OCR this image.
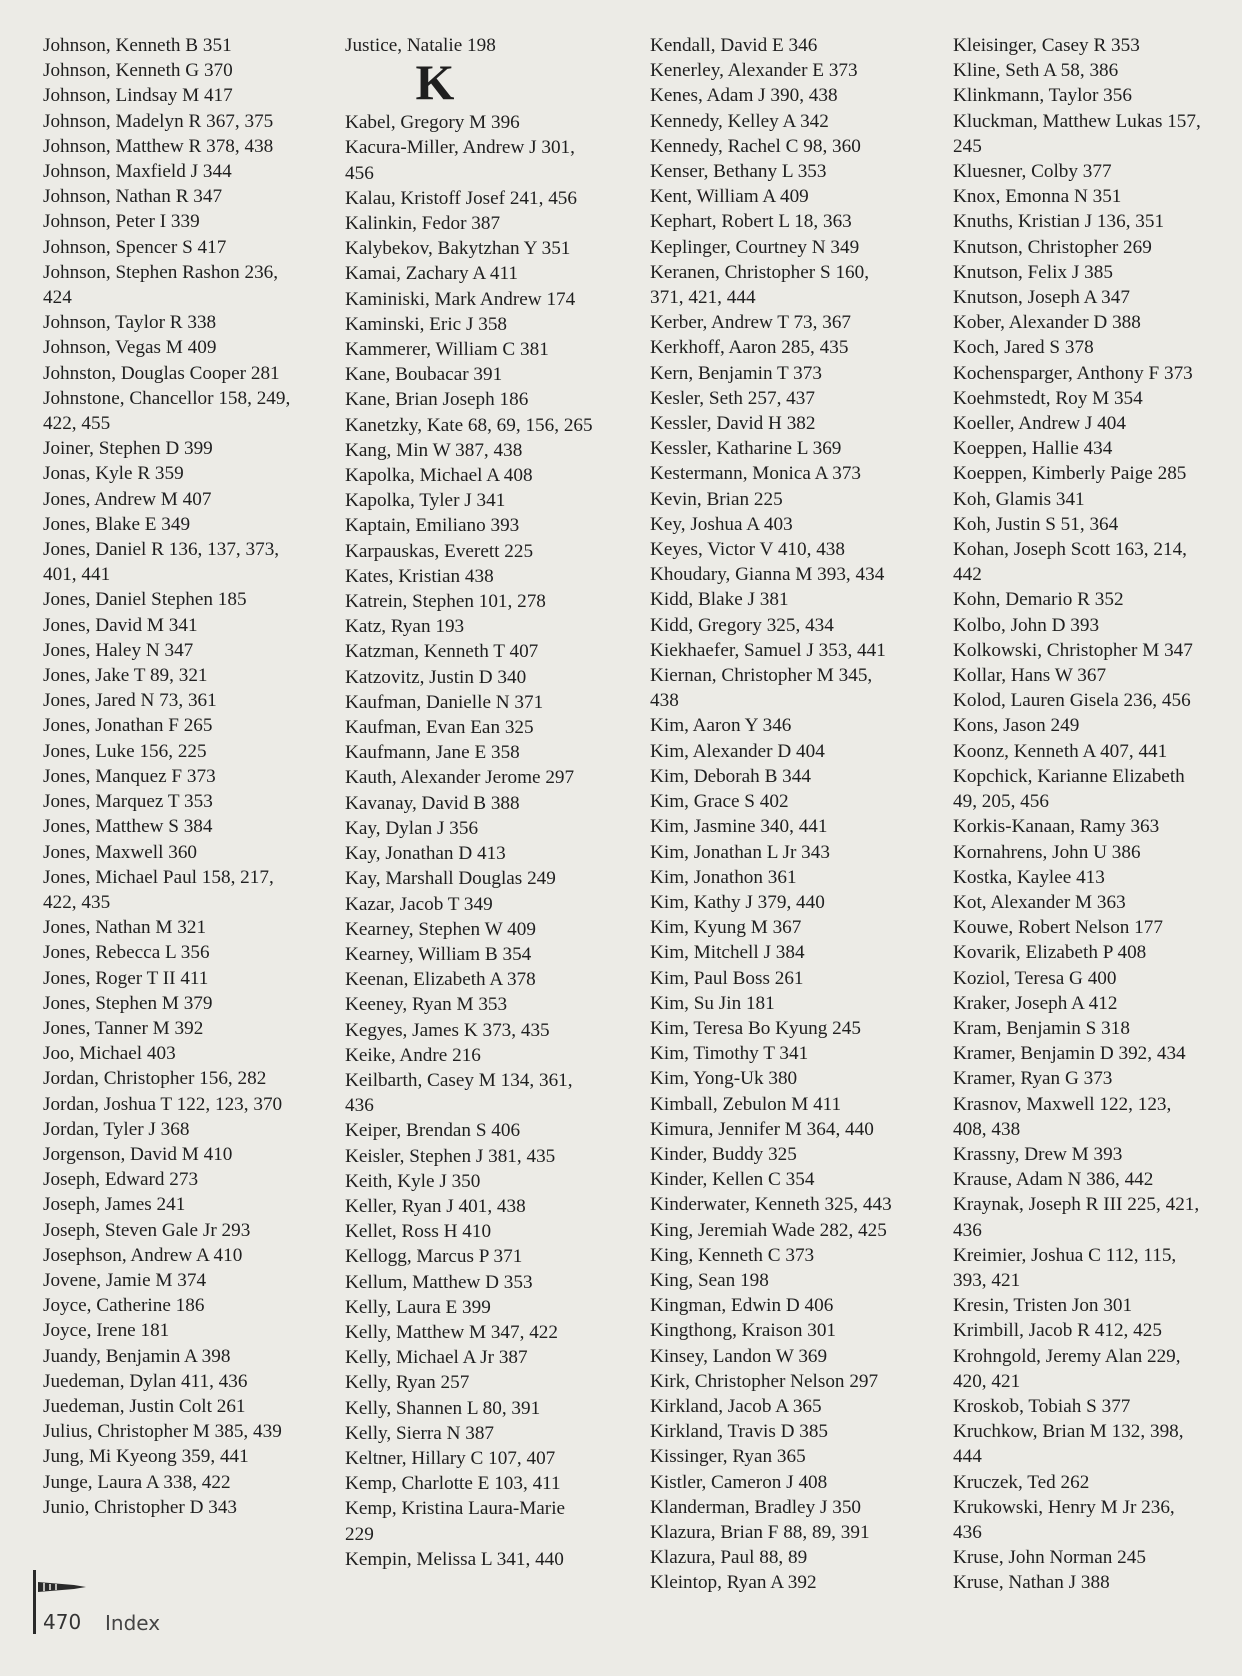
Johnson, Kenneth B 351
Johnson, Kenneth G 370
Johnson, Lindsay M 417
Johnson, Madelyn R 367, 375
Johnson, Matthew R 378, 438
Johnson, Maxfield J 344
Johnson, Nathan R 347
Johnson, Peter I 339
Johnson, Spencer S 417
Johnson, Stephen Rashon 236,
424
Johnson, Taylor R 338
Johnson, Vegas M 409
Johnston, Douglas Cooper 281
Johnstone, Chancellor 158, 249,
422, 455
Joiner, Stephen D 399
Jonas, Kyle R 359
Jones, Andrew M 407
Jones, Blake E 349
Jones, Daniel R 136, 137, 373,
401, 441
Jones, Daniel Stephen 185
Jones, David M 341
Jones, Haley N 347
Jones, Jake T 89, 321
Jones, Jared N 73, 361
Jones, Jonathan F 265
Jones, Luke 156, 225
Jones, Manquez F 373
Jones, Marquez T 353
Jones, Matthew S 384
Jones, Maxwell 360
Jones, Michael Paul 158, 217,
422, 435
Jones, Nathan M 321
Jones, Rebecca L 356
Jones, Roger T II 411
Jones, Stephen M 379
Jones, Tanner M 392
Joo, Michael 403
Jordan, Christopher 156, 282
Jordan, Joshua T 122, 123, 370
Jordan, Tyler J 368
Jorgenson, David M 410
Joseph, Edward 273
Joseph, James 241
Joseph, Steven Gale Jr 293
Josephson, Andrew A 410
Jovene, Jamie M 374
Joyce, Catherine 186
Joyce, Irene 181
Juandy, Benjamin A 398
Juedeman, Dylan 411, 436
Juedeman, Justin Colt 261
Julius, Christopher M 385, 439
Jung, Mi Kyeong 359, 441
Junge, Laura A 338, 422
Junio, Christopher D 343
Justice, Natalie 198
K
Kabel, Gregory M 396
Kacura-Miller, Andrew J 301,
456
Kalau, Kristoff Josef 241, 456
Kalinkin, Fedor 387
Kalybekov, Bakytzhan Y 351
Kamai, Zachary A 411
Kaminiski, Mark Andrew 174
Kaminski, Eric J 358
Kammerer, William C 381
Kane, Boubacar 391
Kane, Brian Joseph 186
Kanetzky, Kate 68, 69, 156, 265
Kang, Min W 387, 438
Kapolka, Michael A 408
Kapolka, Tyler J 341
Kaptain, Emiliano 393
Karpauskas, Everett 225
Kates, Kristian 438
Katrein, Stephen 101, 278
Katz, Ryan 193
Katzman, Kenneth T 407
Katzovitz, Justin D 340
Kaufman, Danielle N 371
Kaufman, Evan Ean 325
Kaufmann, Jane E 358
Kauth, Alexander Jerome 297
Kavanay, David B 388
Kay, Dylan J 356
Kay, Jonathan D 413
Kay, Marshall Douglas 249
Kazar, Jacob T 349
Kearney, Stephen W 409
Kearney, William B 354
Keenan, Elizabeth A 378
Keeney, Ryan M 353
Kegyes, James K 373, 435
Keike, Andre 216
Keilbarth, Casey M 134, 361,
436
Keiper, Brendan S 406
Keisler, Stephen J 381, 435
Keith, Kyle J 350
Keller, Ryan J 401, 438
Kellet, Ross H 410
Kellogg, Marcus P 371
Kellum, Matthew D 353
Kelly, Laura E 399
Kelly, Matthew M 347, 422
Kelly, Michael A Jr 387
Kelly, Ryan 257
Kelly, Shannen L 80, 391
Kelly, Sierra N 387
Keltner, Hillary C 107, 407
Kemp, Charlotte E 103, 411
Kemp, Kristina Laura-Marie
229
Kempin, Melissa L 341, 440
Kendall, David E 346
Kenerley, Alexander E 373
Kenes, Adam J 390, 438
Kennedy, Kelley A 342
Kennedy, Rachel C 98, 360
Kenser, Bethany L 353
Kent, William A 409
Kephart, Robert L 18, 363
Keplinger, Courtney N 349
Keranen, Christopher S 160,
371, 421, 444
Kerber, Andrew T 73, 367
Kerkhoff, Aaron 285, 435
Kern, Benjamin T 373
Kesler, Seth 257, 437
Kessler, David H 382
Kessler, Katharine L 369
Kestermann, Monica A 373
Kevin, Brian 225
Key, Joshua A 403
Keyes, Victor V 410, 438
Khoudary, Gianna M 393, 434
Kidd, Blake J 381
Kidd, Gregory 325, 434
Kiekhaefer, Samuel J 353, 441
Kiernan, Christopher M 345,
438
Kim, Aaron Y 346
Kim, Alexander D 404
Kim, Deborah B 344
Kim, Grace S 402
Kim, Jasmine 340, 441
Kim, Jonathan L Jr 343
Kim, Jonathon 361
Kim, Kathy J 379, 440
Kim, Kyung M 367
Kim, Mitchell J 384
Kim, Paul Boss 261
Kim, Su Jin 181
Kim, Teresa Bo Kyung 245
Kim, Timothy T 341
Kim, Yong-Uk 380
Kimball, Zebulon M 411
Kimura, Jennifer M 364, 440
Kinder, Buddy 325
Kinder, Kellen C 354
Kinderwater, Kenneth 325, 443
King, Jeremiah Wade 282, 425
King, Kenneth C 373
King, Sean 198
Kingman, Edwin D 406
Kingthong, Kraison 301
Kinsey, Landon W 369
Kirk, Christopher Nelson 297
Kirkland, Jacob A 365
Kirkland, Travis D 385
Kissinger, Ryan 365
Kistler, Cameron J 408
Klanderman, Bradley J 350
Klazura, Brian F 88, 89, 391
Klazura, Paul 88, 89
Kleintop, Ryan A 392
Kleisinger, Casey R 353
Kline, Seth A 58, 386
Klinkmann, Taylor 356
Kluckman, Matthew Lukas 157,
245
Kluesner, Colby 377
Knox, Emonna N 351
Knuths, Kristian J 136, 351
Knutson, Christopher 269
Knutson, Felix J 385
Knutson, Joseph A 347
Kober, Alexander D 388
Koch, Jared S 378
Kochensparger, Anthony F 373
Koehmstedt, Roy M 354
Koeller, Andrew J 404
Koeppen, Hallie 434
Koeppen, Kimberly Paige 285
Koh, Glamis 341
Koh, Justin S 51, 364
Kohan, Joseph Scott 163, 214,
442
Kohn, Demario R 352
Kolbo, John D 393
Kolkowski, Christopher M 347
Kollar, Hans W 367
Kolod, Lauren Gisela 236, 456
Kons, Jason 249
Koonz, Kenneth A 407, 441
Kopchick, Karianne Elizabeth
49, 205, 456
Korkis-Kanaan, Ramy 363
Kornahrens, John U 386
Kostka, Kaylee 413
Kot, Alexander M 363
Kouwe, Robert Nelson 177
Kovarik, Elizabeth P 408
Koziol, Teresa G 400
Kraker, Joseph A 412
Kram, Benjamin S 318
Kramer, Benjamin D 392, 434
Kramer, Ryan G 373
Krasnov, Maxwell 122, 123,
408, 438
Krassny, Drew M 393
Krause, Adam N 386, 442
Kraynak, Joseph R III 225, 421,
436
Kreimier, Joshua C 112, 115,
393, 421
Kresin, Tristen Jon 301
Krimbill, Jacob R 412, 425
Krohngold, Jeremy Alan 229,
420, 421
Kroskob, Tobiah S 377
Kruchkow, Brian M 132, 398,
444
Kruczek, Ted 262
Krukowski, Henry M Jr 236,
436
Kruse, John Norman 245
Kruse, Nathan J 388
470 Index
